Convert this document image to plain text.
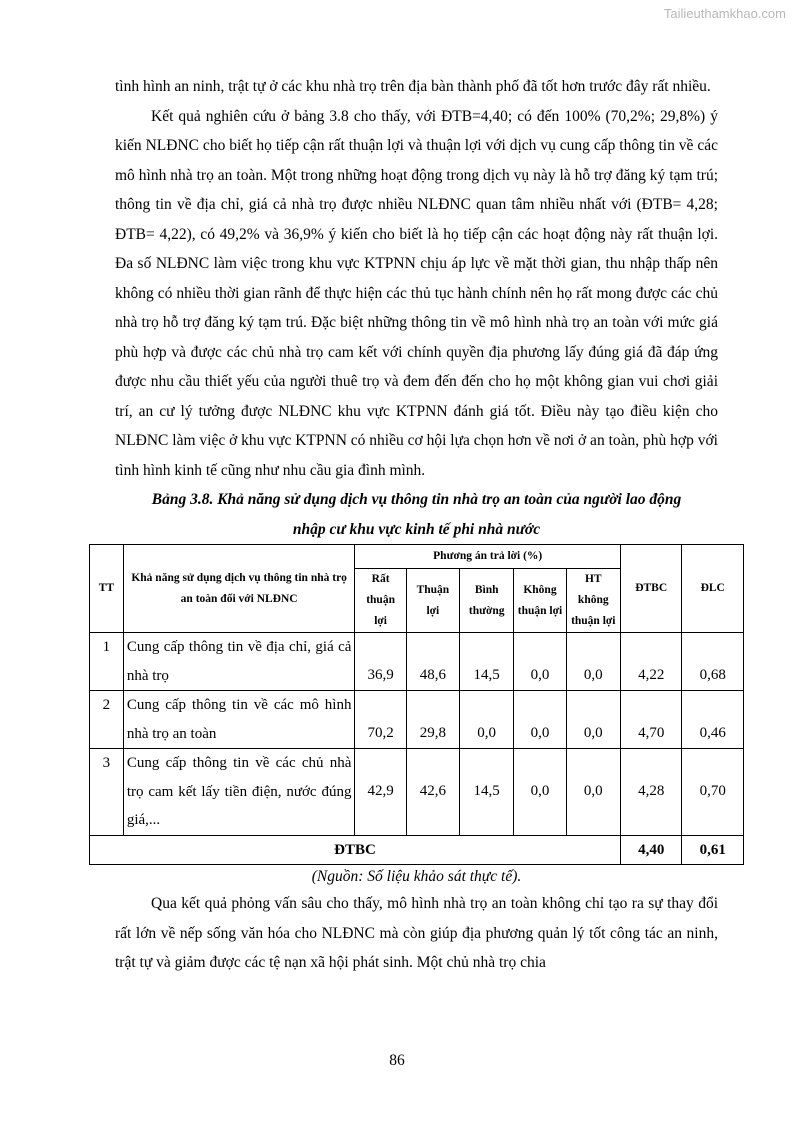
Tailieuthamkhao.com

tình hình an ninh, trật tự ở các khu nhà trọ trên địa bàn thành phố đã tốt hơn trước đây rất nhiều.

Kết quả nghiên cứu ở bảng 3.8 cho thấy, với ĐTB=4,40; có đến 100% (70,2%; 29,8%) ý kiến NLĐNC cho biết họ tiếp cận rất thuận lợi và thuận lợi với dịch vụ cung cấp thông tin về các mô hình nhà trọ an toàn. Một trong những hoạt động trong dịch vụ này là hỗ trợ đăng ký tạm trú; thông tin về địa chỉ, giá cả nhà trọ được nhiều NLĐNC quan tâm nhiều nhất với (ĐTB= 4,28; ĐTB= 4,22), có 49,2% và 36,9% ý kiến cho biết là họ tiếp cận các hoạt động này rất thuận lợi. Đa số NLĐNC làm việc trong khu vực KTPNN chịu áp lực về mặt thời gian, thu nhập thấp nên không có nhiều thời gian rãnh để thực hiện các thủ tục hành chính nên họ rất mong được các chủ nhà trọ hỗ trợ đăng ký tạm trú. Đặc biệt những thông tin về mô hình nhà trọ an toàn với mức giá phù hợp và được các chủ nhà trọ cam kết với chính quyền địa phương lấy đúng giá đã đáp ứng được nhu cầu thiết yếu của người thuê trọ và đem đến đến cho họ một không gian vui chơi giải trí, an cư lý tưởng được NLĐNC khu vực KTPNN đánh giá tốt. Điều này tạo điều kiện cho NLĐNC làm việc ở khu vực KTPNN có nhiều cơ hội lựa chọn hơn về nơi ở an toàn, phù hợp với tình hình kinh tế cũng như nhu cầu gia đình mình.

Bảng 3.8. Khả năng sử dụng dịch vụ thông tin nhà trọ an toàn của người lao động

nhập cư khu vực kinh tế phi nhà nước

TT	Khả năng sử dụng dịch vụ thông tin nhà trọ an toàn đối với NLĐNC	Phương án trả lời (%)					ĐTBC	ĐLC
		Rất thuận lợi	Thuận lợi	Bình thường	Không thuận lợi	HT không thuận lợi		
1	Cung cấp thông tin về địa chỉ, giá cả nhà trọ	36,9	48,6	14,5	0,0	0,0	4,22	0,68
2	Cung cấp thông tin về các mô hình nhà trọ an toàn	70,2	29,8	0,0	0,0	0,0	4,70	0,46
3	Cung cấp thông tin về các chủ nhà trọ cam kết lấy tiền điện, nước đúng giá,...	42,9	42,6	14,5	0,0	0,0	4,28	0,70
ĐTBC							4,40	0,61

(Nguồn: Số liệu khảo sát thực tế).

Qua kết quả phỏng vấn sâu cho thấy, mô hình nhà trọ an toàn không chỉ tạo ra sự thay đổi rất lớn về nếp sống văn hóa cho NLĐNC mà còn giúp địa phương quản lý tốt công tác an ninh, trật tự và giảm được các tệ nạn xã hội phát sinh. Một chủ nhà trọ chia

86
